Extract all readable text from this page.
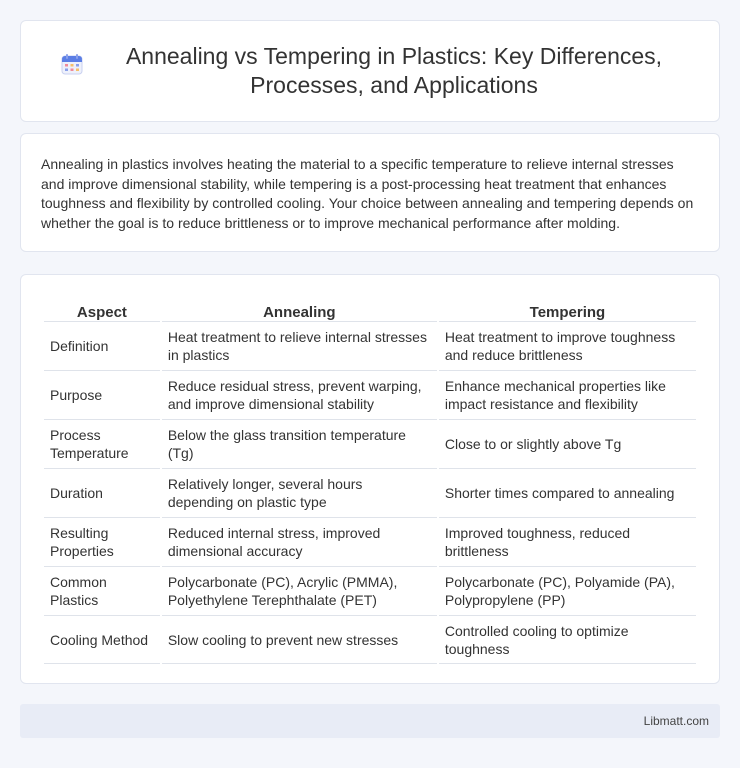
Annealing vs Tempering in Plastics: Key Differences, Processes, and Applications

Annealing in plastics involves heating the material to a specific temperature to relieve internal stresses and improve dimensional stability, while tempering is a post-processing heat treatment that enhances toughness and flexibility by controlled cooling. Your choice between annealing and tempering depends on whether the goal is to reduce brittleness or to improve mechanical performance after molding.

Aspect	Annealing	Tempering
Definition	Heat treatment to relieve internal stresses in plastics	Heat treatment to improve toughness and reduce brittleness
Purpose	Reduce residual stress, prevent warping, and improve dimensional stability	Enhance mechanical properties like impact resistance and flexibility
Process Temperature	Below the glass transition temperature (Tg)	Close to or slightly above Tg
Duration	Relatively longer, several hours depending on plastic type	Shorter times compared to annealing
Resulting Properties	Reduced internal stress, improved dimensional accuracy	Improved toughness, reduced brittleness
Common Plastics	Polycarbonate (PC), Acrylic (PMMA), Polyethylene Terephthalate (PET)	Polycarbonate (PC), Polyamide (PA), Polypropylene (PP)
Cooling Method	Slow cooling to prevent new stresses	Controlled cooling to optimize toughness
Libmatt.com
